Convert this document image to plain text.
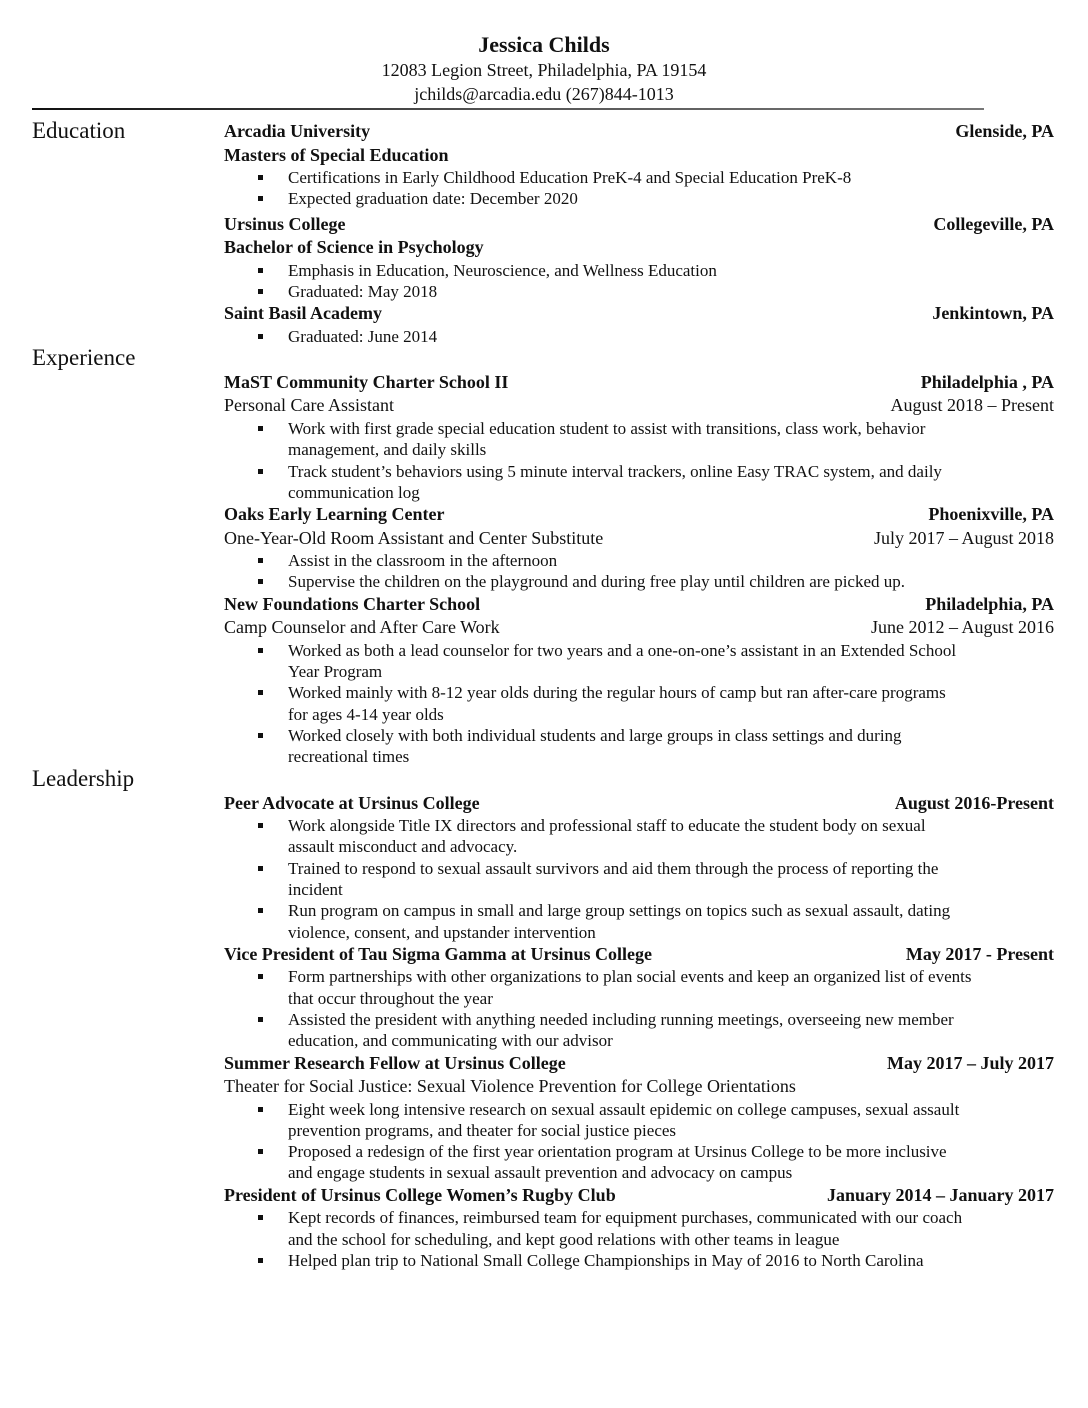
Jessica Childs
12083 Legion Street, Philadelphia, PA 19154
jchilds@arcadia.edu (267)844-1013
Education	Arcadia University	Glenside, PA
Masters of Special Education
Certifications in Early Childhood Education PreK-4 and Special Education PreK-8
Expected graduation date: December 2020
Ursinus College	Collegeville, PA
Bachelor of Science in Psychology
Emphasis in Education, Neuroscience, and Wellness Education
Graduated: May 2018
Saint Basil Academy	Jenkintown, PA
Graduated: June 2014
Experience
MaST Community Charter School II	Philadelphia , PA
Personal Care Assistant	August 2018 – Present
Work with first grade special education student to assist with transitions, class work, behavior
management, and daily skills
Track student’s behaviors using 5 minute interval trackers, online Easy TRAC system, and daily
communication log
Oaks Early Learning Center	Phoenixville, PA
One-Year-Old Room Assistant and Center Substitute	July 2017 – August 2018
Assist in the classroom in the afternoon
Supervise the children on the playground and during free play until children are picked up.
New Foundations Charter School	Philadelphia, PA
Camp Counselor and After Care Work	June 2012 – August 2016
Worked as both a lead counselor for two years and a one-on-one’s assistant in an Extended School
Year Program
Worked mainly with 8-12 year olds during the regular hours of camp but ran after-care programs
for ages 4-14 year olds
Worked closely with both individual students and large groups in class settings and during
recreational times
Leadership
Peer Advocate at Ursinus College	August 2016-Present
Work alongside Title IX directors and professional staff to educate the student body on sexual
assault misconduct and advocacy.
Trained to respond to sexual assault survivors and aid them through the process of reporting the
incident
Run program on campus in small and large group settings on topics such as sexual assault, dating
violence, consent, and upstander intervention
Vice President of Tau Sigma Gamma at Ursinus College	May 2017 - Present
Form partnerships with other organizations to plan social events and keep an organized list of events
that occur throughout the year
Assisted the president with anything needed including running meetings, overseeing new member
education, and communicating with our advisor
Summer Research Fellow at Ursinus College	May 2017 – July 2017
Theater for Social Justice: Sexual Violence Prevention for College Orientations
Eight week long intensive research on sexual assault epidemic on college campuses, sexual assault
prevention programs, and theater for social justice pieces
Proposed a redesign of the first year orientation program at Ursinus College to be more inclusive
and engage students in sexual assault prevention and advocacy on campus
President of Ursinus College Women’s Rugby Club	January 2014 – January 2017
Kept records of finances, reimbursed team for equipment purchases, communicated with our coach
and the school for scheduling, and kept good relations with other teams in league
Helped plan trip to National Small College Championships in May of 2016 to North Carolina
